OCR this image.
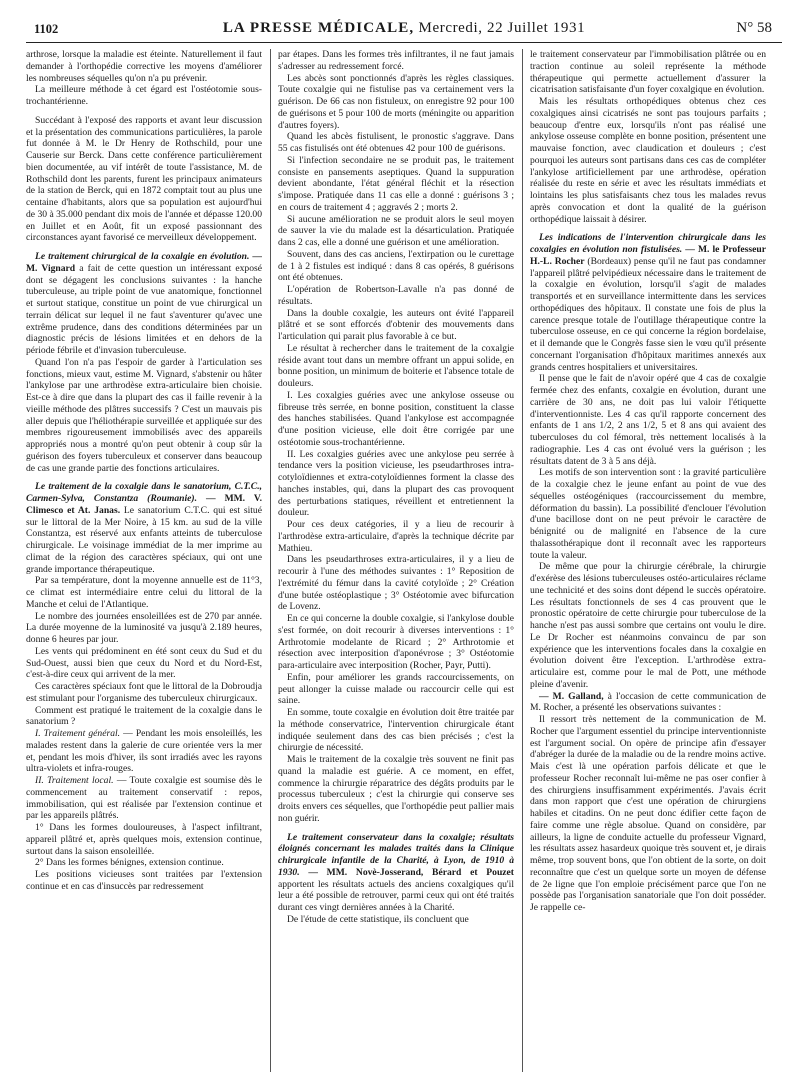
1102	LA PRESSE MÉDICALE, Mercredi, 22 Juillet 1931	N° 58

arthrose, lorsque la maladie est éteinte. Naturellement il faut demander à l'orthopédie corrective les moyens d'améliorer les nombreuses séquelles qu'on n'a pu prévenir.

La meilleure méthode à cet égard est l'ostéotomie sous-trochantérienne.

Succédant à l'exposé des rapports et avant leur discussion et la présentation des communications particulières, la parole fut donnée à M. le Dr Henry de Rothschild, pour une Causerie sur Berck. Dans cette conférence particulièrement bien documentée, au vif intérêt de toute l'assistance, M. de Rothschild dont les parents, furent les principaux animateurs de la station de Berck, qui en 1872 comptait tout au plus une centaine d'habitants, alors que sa population est aujourd'hui de 30 à 35.000 pendant dix mois de l'année et dépasse 120.00 en Juillet et en Août, fit un exposé passionnant des circonstances ayant favorisé ce merveilleux développement.

Le traitement chirurgical de la coxalgie en évolution. — M. Vignard a fait de cette question un intéressant exposé dont se dégagent les conclusions suivantes : la hanche tuberculeuse, au triple point de vue anatomique, fonctionnel et surtout statique, constitue un point de vue chirurgical un terrain délicat sur lequel il ne faut s'aventurer qu'avec une extrême prudence, dans des conditions déterminées par un diagnostic précis de lésions limitées et en dehors de la période fébrile et d'invasion tuberculeuse.

Quand l'on n'a pas l'espoir de garder à l'articulation ses fonctions, mieux vaut, estime M. Vignard, s'abstenir ou hâter l'ankylose par une arthrodèse extra-articulaire bien choisie. Est-ce à dire que dans la plupart des cas il faille revenir à la vieille méthode des plâtres successifs ? C'est un mauvais pis aller depuis que l'héliothérapie surveillée et appliquée sur des membres rigoureusement immobilisés avec des appareils appropriés nous a montré qu'on peut obtenir à coup sûr la guérison des foyers tuberculeux et conserver dans beaucoup de cas une grande partie des fonctions articulaires.

Le traitement de la coxalgie dans le sanatorium, C.T.C., Carmen-Sylva, Constantza (Roumanie). — MM. V. Climesco et At. Janas. Le sanatorium C.T.C. qui est situé sur le littoral de la Mer Noire, à 15 km. au sud de la ville Constantza, est réservé aux enfants atteints de tuberculose chirurgicale. Le voisinage immédiat de la mer imprime au climat de la région des caractères spéciaux, qui ont une grande importance thérapeutique.

Par sa température, dont la moyenne annuelle est de 11°3, ce climat est intermédiaire entre celui du littoral de la Manche et celui de l'Atlantique.

Le nombre des journées ensoleillées est de 270 par année. La durée moyenne de la luminosité va jusqu'à 2.189 heures, donne 6 heures par jour.

Les vents qui prédominent en été sont ceux du Sud et du Sud-Ouest, aussi bien que ceux du Nord et du Nord-Est, c'est-à-dire ceux qui arrivent de la mer.

Ces caractères spéciaux font que le littoral de la Dobroudja est stimulant pour l'organisme des tuberculeux chirurgicaux.

Comment est pratiqué le traitement de la coxalgie dans le sanatorium ?

I. Traitement général. — Pendant les mois ensoleillés, les malades restent dans la galerie de cure orientée vers la mer et, pendant les mois d'hiver, ils sont irradiés avec les rayons ultra-violets et infra-rouges.

II. Traitement local. — Toute coxalgie est soumise dès le commencement au traitement conservatif : repos, immobilisation, qui est réalisée par l'extension continue et par les appareils plâtrés.

1° Dans les formes douloureuses, à l'aspect infiltrant, appareil plâtré et, après quelques mois, extension continue, surtout dans la saison ensoleillée.

2° Dans les formes bénignes, extension continue.

Les positions vicieuses sont traitées par l'extension continue et en cas d'insuccès par redressement

par étapes. Dans les formes très infiltrantes, il ne faut jamais s'adresser au redressement forcé.

Les abcès sont ponctionnés d'après les règles classiques. Toute coxalgie qui ne fistulise pas va certainement vers la guérison. De 66 cas non fistuleux, on enregistre 92 pour 100 de guérisons et 5 pour 100 de morts (méningite ou apparition d'autres foyers).

Quand les abcès fistulisent, le pronostic s'aggrave. Dans 55 cas fistulisés ont été obtenues 42 pour 100 de guérisons.

Si l'infection secondaire ne se produit pas, le traitement consiste en pansements aseptiques. Quand la suppuration devient abondante, l'état général fléchit et la résection s'impose. Pratiquée dans 11 cas elle a donné : guérisons 3 ; en cours de traitement 4 ; aggravés 2 ; morts 2.

Si aucune amélioration ne se produit alors le seul moyen de sauver la vie du malade est la désarticulation. Pratiquée dans 2 cas, elle a donné une guérison et une amélioration.

Souvent, dans des cas anciens, l'extirpation ou le curettage de 1 à 2 fistules est indiqué : dans 8 cas opérés, 8 guérisons ont été obtenues.

L'opération de Robertson-Lavalle n'a pas donné de résultats.

Dans la double coxalgie, les auteurs ont évité l'appareil plâtré et se sont efforcés d'obtenir des mouvements dans l'articulation qui parait plus favorable à ce but.

Le résultat à rechercher dans le traitement de la coxalgie réside avant tout dans un membre offrant un appui solide, en bonne position, un minimum de boiterie et l'absence totale de douleurs.

I. Les coxalgies guéries avec une ankylose osseuse ou fibreuse très serrée, en bonne position, constituent la classe des hanches stabilisées. Quand l'ankylose est accompagnée d'une position vicieuse, elle doit être corrigée par une ostéotomie sous-trochantérienne.

II. Les coxalgies guéries avec une ankylose peu serrée à tendance vers la position vicieuse, les pseudarthroses intra-cotyloïdiennes et extra-cotyloïdiennes forment la classe des hanches instables, qui, dans la plupart des cas provoquent des perturbations statiques, réveillent et entretiennent la douleur.

Pour ces deux catégories, il y a lieu de recourir à l'arthrodèse extra-articulaire, d'après la technique décrite par Mathieu.

Dans les pseudarthroses extra-articulaires, il y a lieu de recourir à l'une des méthodes suivantes : 1° Reposition de l'extrémité du fémur dans la cavité cotyloïde ; 2° Création d'une butée ostéoplastique ; 3° Ostéotomie avec bifurcation de Lovenz.

En ce qui concerne la double coxalgie, si l'ankylose double s'est formée, on doit recourir à diverses interventions : 1° Arthrotomie modelante de Ricard ; 2° Arthrotomie et résection avec interposition d'aponévrose ; 3° Ostéotomie para-articulaire avec interposition (Rocher, Payr, Putti).

Enfin, pour améliorer les grands raccourcissements, on peut allonger la cuisse malade ou raccourcir celle qui est saine.

En somme, toute coxalgie en évolution doit être traitée par la méthode conservatrice, l'intervention chirurgicale étant indiquée seulement dans des cas bien précisés ; c'est la chirurgie de nécessité.

Mais le traitement de la coxalgie très souvent ne finit pas quand la maladie est guérie. A ce moment, en effet, commence la chirurgie réparatrice des dégâts produits par le processus tuberculeux ; c'est la chirurgie qui conserve ses droits envers ces séquelles, que l'orthopédie peut pallier mais non guérir.

Le traitement conservateur dans la coxalgie; résultats éloignés concernant les malades traités dans la Clinique chirurgicale infantile de la Charité, à Lyon, de 1910 à 1930. — MM. Novè-Josserand, Bérard et Pouzet apportent les résultats actuels des anciens coxalgiques qu'il leur a été possible de retrouver, parmi ceux qui ont été traités durant ces vingt dernières années à la Charité.

De l'étude de cette statistique, ils concluent que

le traitement conservateur par l'immobilisation plâtrée ou en traction continue au soleil représente la méthode thérapeutique qui permette actuellement d'assurer la cicatrisation satisfaisante d'un foyer coxalgique en évolution.

Mais les résultats orthopédiques obtenus chez ces coxalgiques ainsi cicatrisés ne sont pas toujours parfaits ; beaucoup d'entre eux, lorsqu'ils n'ont pas réalisé une ankylose osseuse complète en bonne position, présentent une mauvaise fonction, avec claudication et douleurs ; c'est pourquoi les auteurs sont partisans dans ces cas de compléter l'ankylose artificiellement par une arthrodèse, opération réalisée du reste en série et avec les résultats immédiats et lointains les plus satisfaisants chez tous les malades revus après convocation et dont la qualité de la guérison orthopédique laissait à désirer.

Les indications de l'intervention chirurgicale dans les coxalgies en évolution non fistulisées. — M. le Professeur H.-L. Rocher (Bordeaux) pense qu'il ne faut pas condamner l'appareil plâtré pelvipédieux nécessaire dans le traitement de la coxalgie en évolution, lorsqu'il s'agit de malades transportés et en surveillance intermittente dans les services orthopédiques des hôpitaux. Il constate une fois de plus la carence presque totale de l'outillage thérapeutique contre la tuberculose osseuse, en ce qui concerne la région bordelaise, et il demande que le Congrès fasse sien le vœu qu'il présente concernant l'organisation d'hôpitaux maritimes annexés aux grands centres hospitaliers et universitaires.

Il pense que le fait de n'avoir opéré que 4 cas de coxalgie fermée chez des enfants, coxalgie en évolution, durant une carrière de 30 ans, ne doit pas lui valoir l'étiquette d'interventionniste. Les 4 cas qu'il rapporte concernent des enfants de 1 ans 1/2, 2 ans 1/2, 5 et 8 ans qui avaient des tuberculoses du col fémoral, très nettement localisés à la radiographie. Les 4 cas ont évolué vers la guérison ; les résultats datent de 3 à 5 ans déjà.

Les motifs de son intervention sont : la gravité particulière de la coxalgie chez le jeune enfant au point de vue des séquelles ostéogéniques (raccourcissement du membre, déformation du bassin). La possibilité d'enclouer l'évolution d'une bacillose dont on ne peut prévoir le caractère de bénignité ou de malignité en l'absence de la cure thalassothérapique dont il reconnaît avec les rapporteurs toute la valeur.

De même que pour la chirurgie cérébrale, la chirurgie d'exérèse des lésions tuberculeuses ostéo-articulaires réclame une technicité et des soins dont dépend le succès opératoire. Les résultats fonctionnels de ses 4 cas prouvent que le pronostic opératoire de cette chirurgie pour tuberculose de la hanche n'est pas aussi sombre que certains ont voulu le dire. Le Dr Rocher est néanmoins convaincu de par son expérience que les interventions focales dans la coxalgie en évolution doivent être l'exception. L'arthrodèse extra-articulaire est, comme pour le mal de Pott, une méthode pleine d'avenir.

— M. Galland, à l'occasion de cette communication de M. Rocher, a présenté les observations suivantes :

Il ressort très nettement de la communication de M. Rocher que l'argument essentiel du principe interventionniste est l'argument social. On opère de principe afin d'essayer d'abréger la durée de la maladie ou de la rendre moins active. Mais c'est là une opération parfois délicate et que le professeur Rocher reconnaît lui-même ne pas oser confier à des chirurgiens insuffisamment expérimentés. J'avais écrit dans mon rapport que c'est une opération de chirurgiens habiles et citadins. On ne peut donc édifier cette façon de faire comme une règle absolue. Quand on considère, par ailleurs, la ligne de conduite actuelle du professeur Vignard, les résultats assez hasardeux quoique très souvent et, je dirais même, trop souvent bons, que l'on obtient de la sorte, on doit reconnaître que c'est un quelque sorte un moyen de défense de 2e ligne que l'on emploie précisément parce que l'on ne possède pas l'organisation sanatoriale que l'on doit posséder. Je rappelle ce-
